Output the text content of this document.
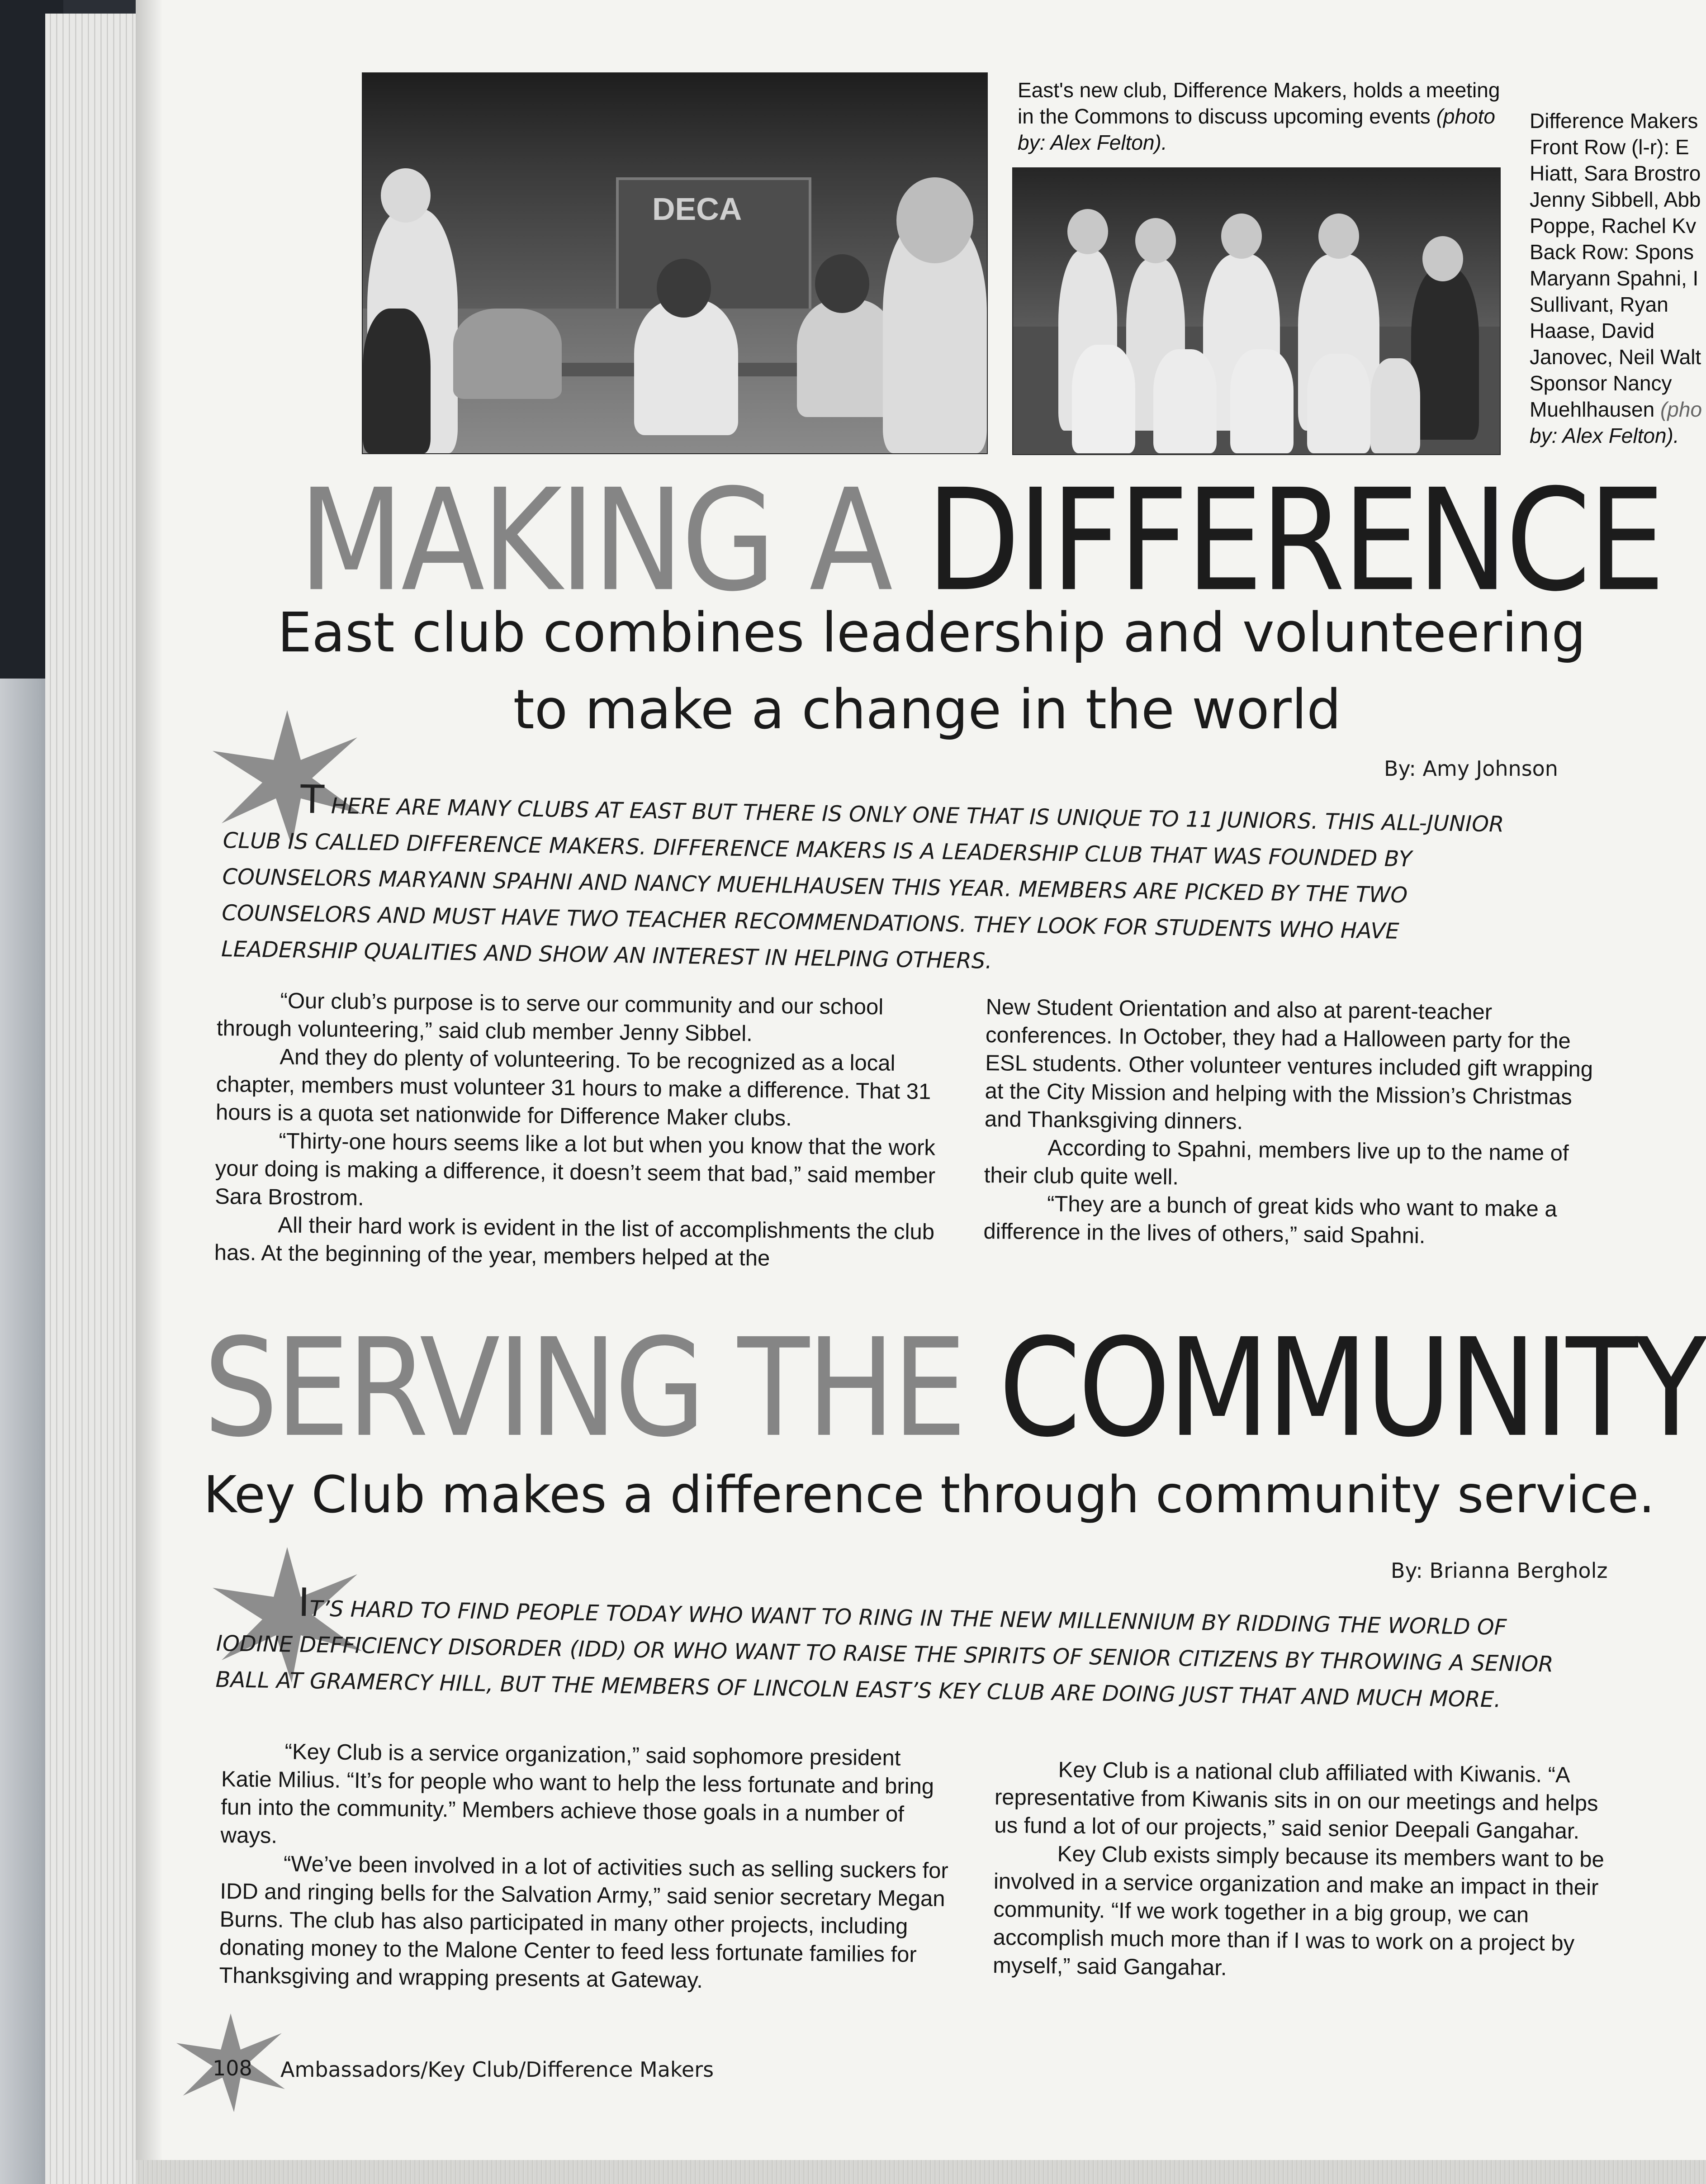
DECA
East's new club, Difference Makers, holds a meeting in the Commons to discuss upcoming events (photo by: Alex Felton).
Difference Makers
Front Row (l-r): E
Hiatt, Sara Brostro
Jenny Sibbell, Abb
Poppe, Rachel Kv
Back Row: Spons
Maryann Spahni, I
Sullivant, Ryan
Haase, David
Janovec, Neil Walt
Sponsor Nancy
Muehlhausen (pho
by: Alex Felton).
MAKING A DIFFERENCE
East club combines leadership and volunteering
to make a change in the world
By: Amy Johnson
T HERE ARE MANY CLUBS AT EAST BUT THERE IS ONLY ONE THAT IS UNIQUE TO 11 JUNIORS. THIS ALL-JUNIOR CLUB IS CALLED DIFFERENCE MAKERS. DIFFERENCE MAKERS IS A LEADERSHIP CLUB THAT WAS FOUNDED BY COUNSELORS MARYANN SPAHNI AND NANCY MUEHLHAUSEN THIS YEAR. MEMBERS ARE PICKED BY THE TWO COUNSELORS AND MUST HAVE TWO TEACHER RECOMMENDATIONS. THEY LOOK FOR STUDENTS WHO HAVE LEADERSHIP QUALITIES AND SHOW AN INTEREST IN HELPING OTHERS.

“Our club’s purpose is to serve our community and our school through volunteering,” said club member Jenny Sibbel.

And they do plenty of volunteering. To be recognized as a local chapter, members must volunteer 31 hours to make a difference. That 31 hours is a quota set nationwide for Difference Maker clubs.

“Thirty-one hours seems like a lot but when you know that the work your doing is making a difference, it doesn’t seem that bad,” said member Sara Brostrom.

All their hard work is evident in the list of accomplishments the club has. At the beginning of the year, members helped at the

New Student Orientation and also at parent-teacher conferences. In October, they had a Halloween party for the ESL students. Other volunteer ventures included gift wrapping at the City Mission and helping with the Mission’s Christmas and Thanksgiving dinners.

According to Spahni, members live up to the name of their club quite well.

“They are a bunch of great kids who want to make a difference in the lives of others,” said Spahni.

SERVING THE COMMUNITY
Key Club makes a difference through community service.
By: Brianna Bergholz
IT’S HARD TO FIND PEOPLE TODAY WHO WANT TO RING IN THE NEW MILLENNIUM BY RIDDING THE WORLD OF IODINE DEFFICIENCY DISORDER (IDD) OR WHO WANT TO RAISE THE SPIRITS OF SENIOR CITIZENS BY THROWING A SENIOR BALL AT GRAMERCY HILL, BUT THE MEMBERS OF LINCOLN EAST’S KEY CLUB ARE DOING JUST THAT AND MUCH MORE.

“Key Club is a service organization,” said sophomore president Katie Milius. “It’s for people who want to help the less fortunate and bring fun into the community.” Members achieve those goals in a number of ways.

“We’ve been involved in a lot of activities such as selling suckers for IDD and ringing bells for the Salvation Army,” said senior secretary Megan Burns. The club has also participated in many other projects, including donating money to the Malone Center to feed less fortunate families for Thanksgiving and wrapping presents at Gateway.

Key Club is a national club affiliated with Kiwanis. “A representative from Kiwanis sits in on our meetings and helps us fund a lot of our projects,” said senior Deepali Gangahar.

Key Club exists simply because its members want to be involved in a service organization and make an impact in their community. “If we work together in a big group, we can accomplish much more than if I was to work on a project by myself,” said Gangahar.

108 Ambassadors/Key Club/Difference Makers
